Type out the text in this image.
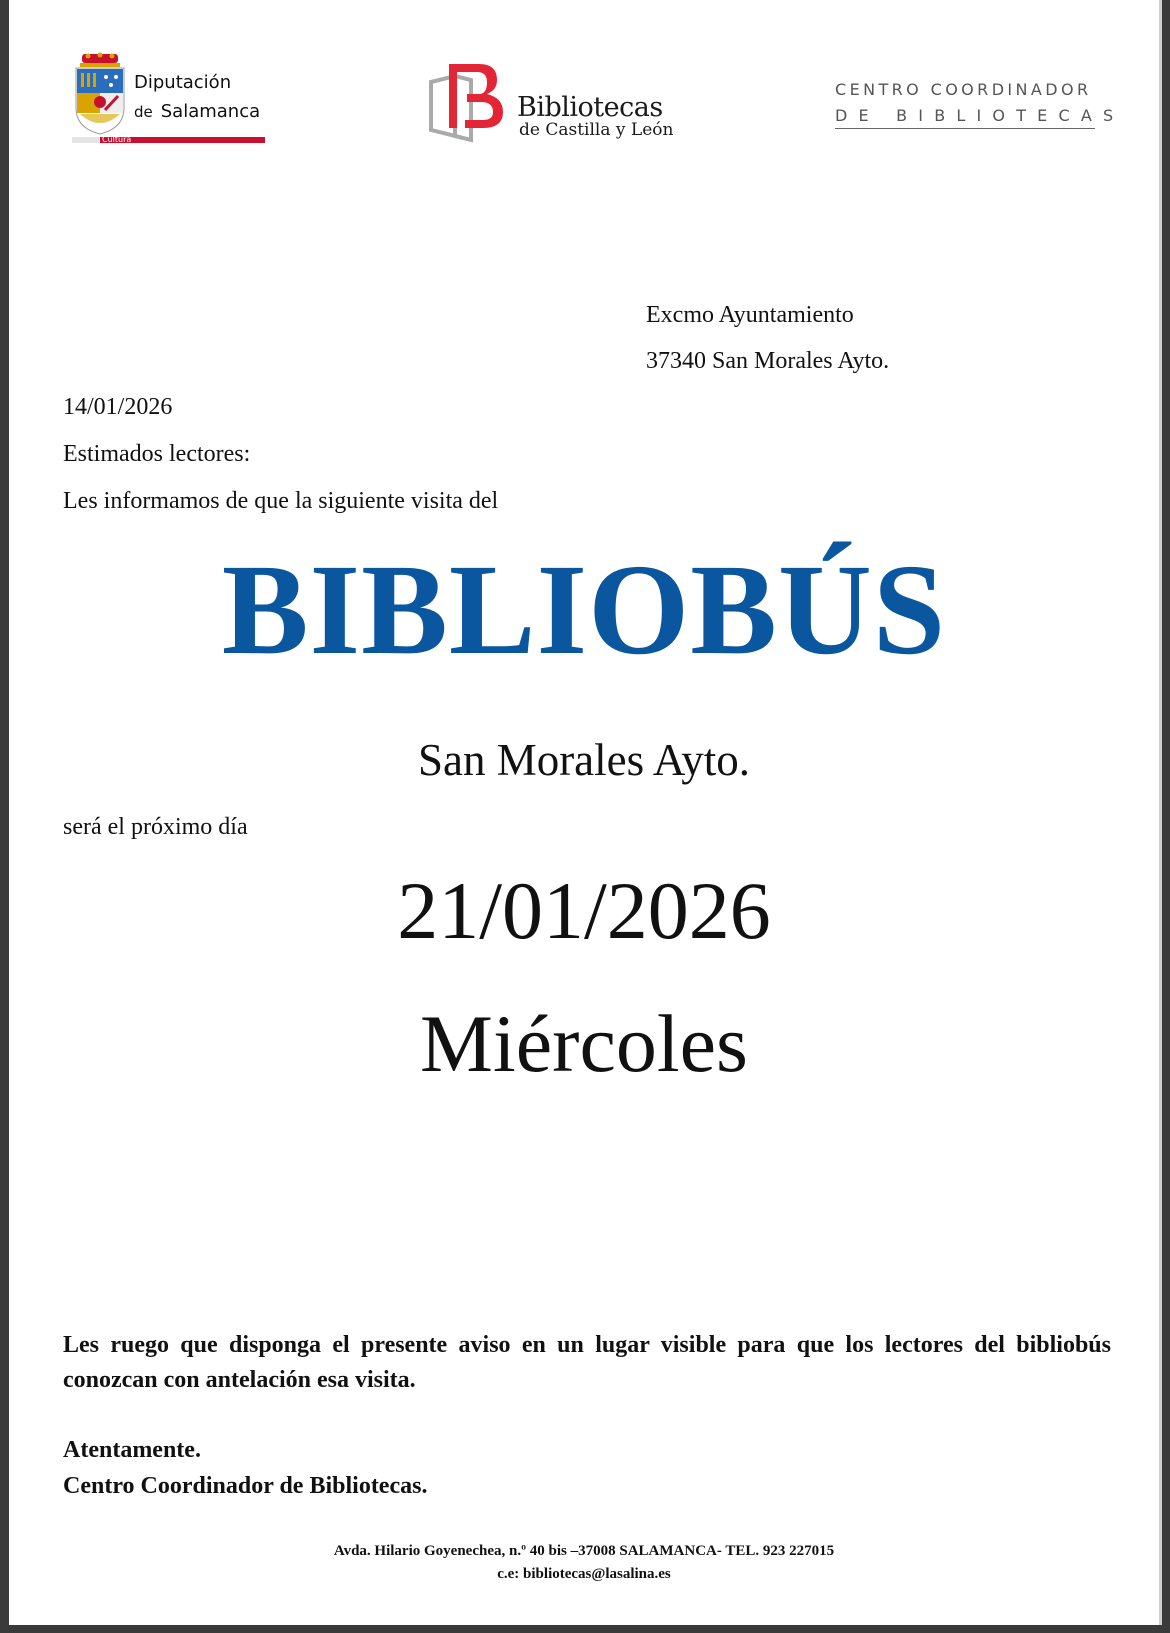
Diputación
de Salamanca
Cultura
Bibliotecas
de Castilla y León
CENTRO COORDINADOR
DE BIBLIOTECAS
Excmo Ayuntamiento
37340 San Morales Ayto.
14/01/2026
Estimados lectores:
Les informamos de que la siguiente visita del
BIBLIOBÚS
San Morales Ayto.
será el próximo día
21/01/2026
Miércoles
Les ruego que disponga el presente aviso en un lugar visible para que los lectores del bibliobús conozcan con antelación esa visita.
Atentamente.
Centro Coordinador de Bibliotecas.
Avda. Hilario Goyenechea, n.º 40 bis –37008 SALAMANCA- TEL. 923 227015
c.e: bibliotecas@lasalina.es
